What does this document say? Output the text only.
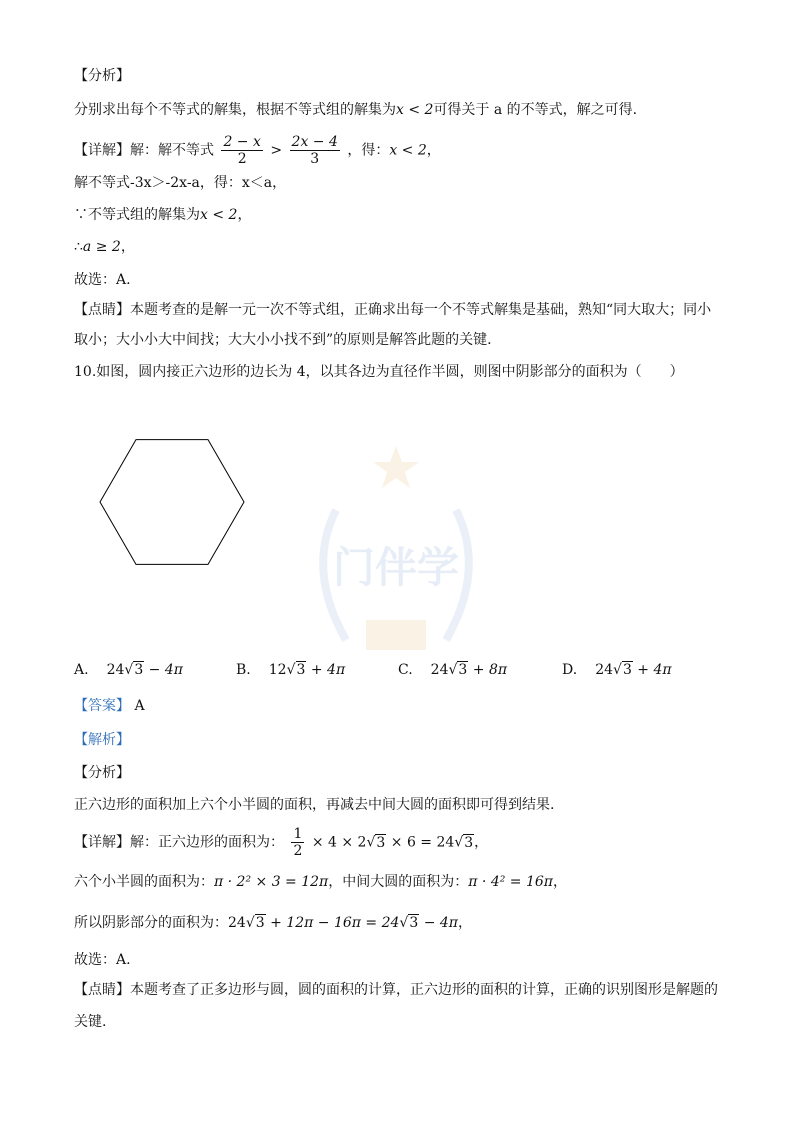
【分析】
分别求出每个不等式的解集，根据不等式组的解集为x < 2可得关于 a 的不等式，解之可得.
【详解】解：解不等式 $\frac{2 - x}{2} > \frac{2x - 4}{3}$ ，得：x < 2，
解不等式-3x＞-2x-a，得：x＜a，
∵不等式组的解集为x < 2，
∴a ≥ 2，
故选：A.
【点睛】本题考查的是解一元一次不等式组，正确求出每一个不等式解集是基础，熟知“同大取大；同小
取小；大小小大中间找；大大小小找不到”的原则是解答此题的关键.
10.如图，圆内接正六边形的边长为 4，以其各边为直径作半圆，则图中阴影部分的面积为（　　）
门伴学
A. 24√3 − 4π	B. 12√3 + 4π	C. 24√3 + 8π	D. 24√3 + 4π
【答案】 A
【解析】
【分析】
正六边形的面积加上六个小半圆的面积，再减去中间大圆的面积即可得到结果.
【详解】解：正六边形的面积为： $\frac{1}{2} \times 4 \times 2√3 \times 6 = 24√3$，
六个小半圆的面积为：π · 2² × 3 = 12π，中间大圆的面积为：π · 4² = 16π，
所以阴影部分的面积为：24√3 + 12π − 16π = 24√3 − 4π，
故选：A.
【点睛】本题考查了正多边形与圆，圆的面积的计算，正六边形的面积的计算，正确的识别图形是解题的
关键.
